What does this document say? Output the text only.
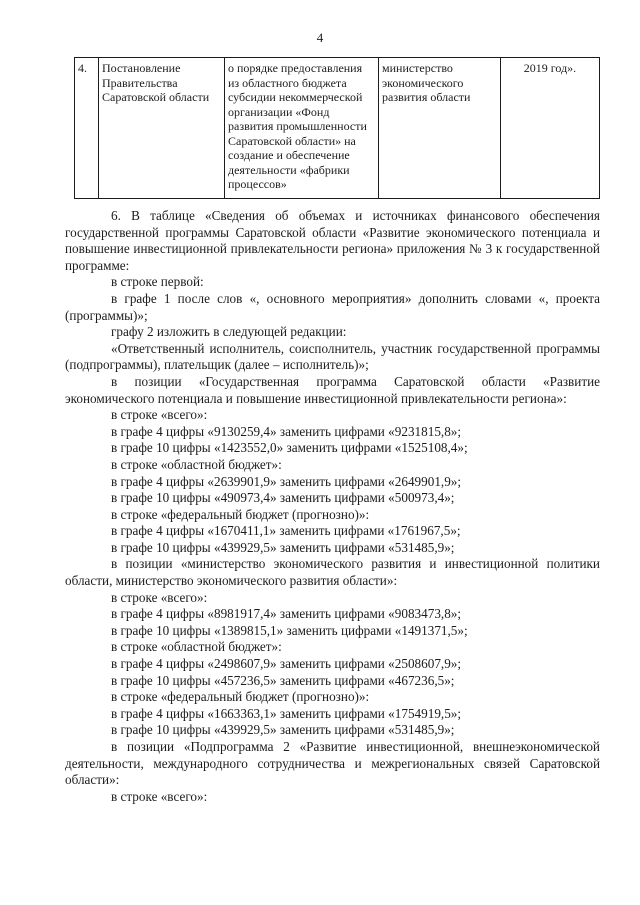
4
4.	Постановление Правительства Саратовской области	о порядке предоставления из областного бюджета субсидии некоммерческой организации «Фонд развития промышленности Саратовской области» на создание и обеспечение деятельности «фабрики процессов»	министерство экономического развития области	2019 год».

6. В таблице «Сведения об объемах и источниках финансового обеспечения государственной программы Саратовской области «Развитие экономического потенциала и повышение инвестиционной привлекательности региона» приложения № 3 к государственной программе:

в строке первой:

в графе 1 после слов «, основного мероприятия» дополнить словами «, проекта (программы)»;

графу 2 изложить в следующей редакции:

«Ответственный исполнитель, соисполнитель, участник государственной программы (подпрограммы), плательщик (далее – исполнитель)»;

в позиции «Государственная программа Саратовской области «Развитие экономического потенциала и повышение инвестиционной привлекательности региона»:

в строке «всего»:

в графе 4 цифры «9130259,4» заменить цифрами «9231815,8»;

в графе 10 цифры «1423552,0» заменить цифрами «1525108,4»;

в строке «областной бюджет»:

в графе 4 цифры «2639901,9» заменить цифрами «2649901,9»;

в графе 10 цифры «490973,4» заменить цифрами «500973,4»;

в строке «федеральный бюджет (прогнозно)»:

в графе 4 цифры «1670411,1» заменить цифрами «1761967,5»;

в графе 10 цифры «439929,5» заменить цифрами «531485,9»;

в позиции «министерство экономического развития и инвестиционной политики области, министерство экономического развития области»:

в строке «всего»:

в графе 4 цифры «8981917,4» заменить цифрами «9083473,8»;

в графе 10 цифры «1389815,1» заменить цифрами «1491371,5»;

в строке «областной бюджет»:

в графе 4 цифры «2498607,9» заменить цифрами «2508607,9»;

в графе 10 цифры «457236,5» заменить цифрами «467236,5»;

в строке «федеральный бюджет (прогнозно)»:

в графе 4 цифры «1663363,1» заменить цифрами «1754919,5»;

в графе 10 цифры «439929,5» заменить цифрами «531485,9»;

в позиции «Подпрограмма 2 «Развитие инвестиционной, внешнеэкономической деятельности, международного сотрудничества и межрегиональных связей Саратовской области»:

в строке «всего»:
